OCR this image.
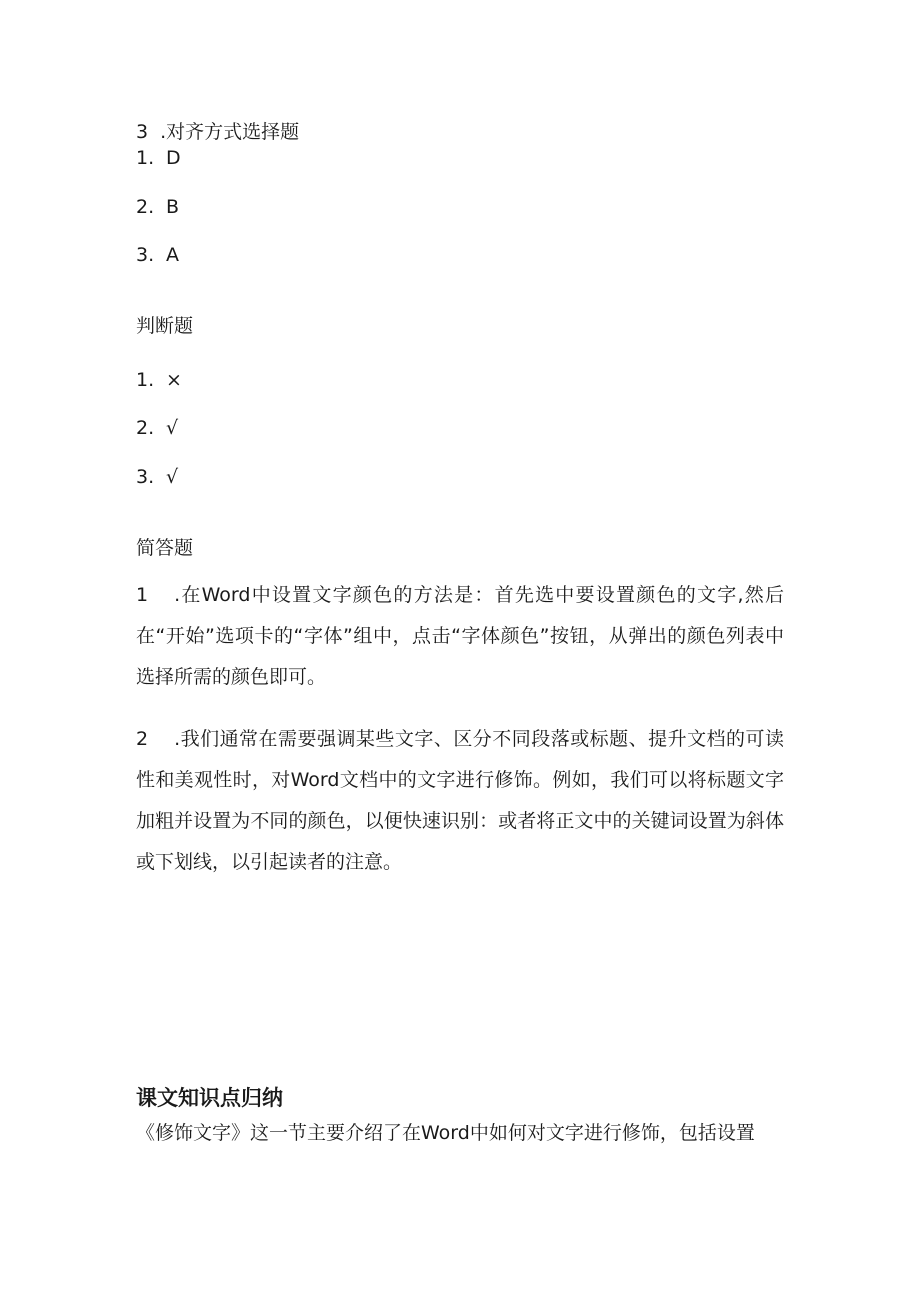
3 .对齐方式选择题
1. D
2. B
3. A
判断题
1. ×
2. √
3. √
简答题
1 .在Word中设置文字颜色的方法是：首先选中要设置颜色的文字,然后在“开始”选项卡的“字体”组中，点击“字体颜色”按钮，从弹出的颜色列表中选择所需的颜色即可。
2 .我们通常在需要强调某些文字、区分不同段落或标题、提升文档的可读性和美观性时，对Word文档中的文字进行修饰。例如，我们可以将标题文字加粗并设置为不同的颜色，以便快速识别：或者将正文中的关键词设置为斜体或下划线，以引起读者的注意。
课文知识点归纳
《修饰文字》这一节主要介绍了在Word中如何对文字进行修饰，包括设置
